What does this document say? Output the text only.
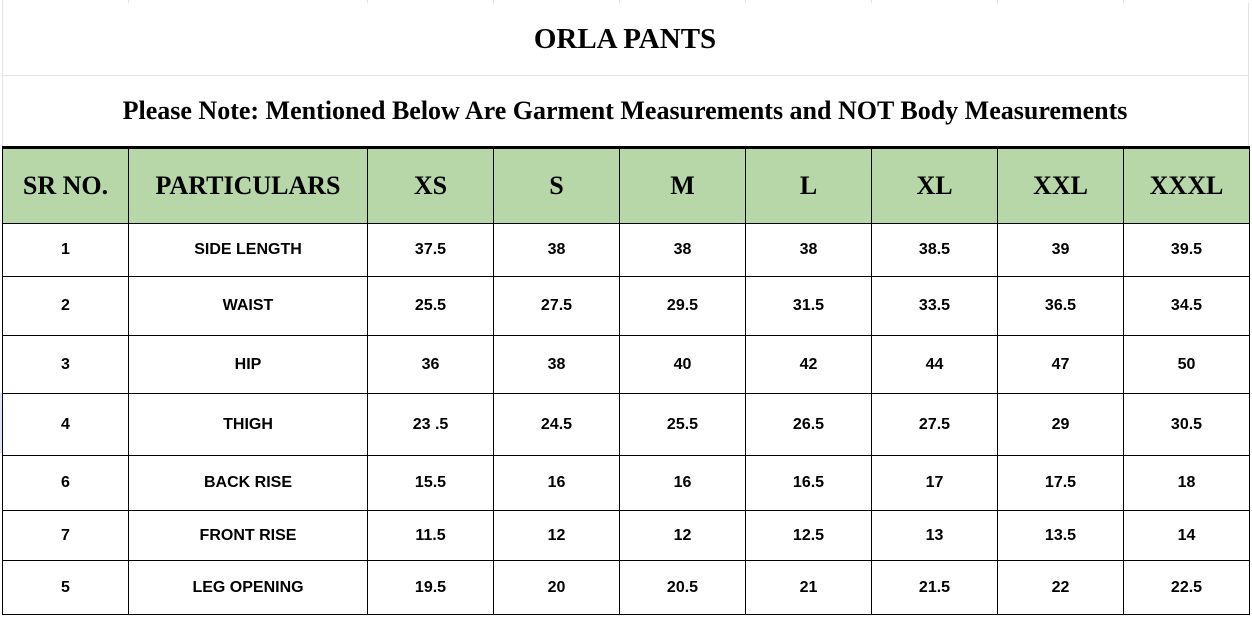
ORLA PANTS
Please Note: Mentioned Below Are Garment Measurements and NOT Body Measurements
SR NO.	PARTICULARS	XS	S	M	L	XL	XXL	XXXL
1	SIDE LENGTH	37.5	38	38	38	38.5	39	39.5
2	WAIST	25.5	27.5	29.5	31.5	33.5	36.5	34.5
3	HIP	36	38	40	42	44	47	50
4	THIGH	23 .5	24.5	25.5	26.5	27.5	29	30.5
6	BACK RISE	15.5	16	16	16.5	17	17.5	18
7	FRONT RISE	11.5	12	12	12.5	13	13.5	14
5	LEG OPENING	19.5	20	20.5	21	21.5	22	22.5
